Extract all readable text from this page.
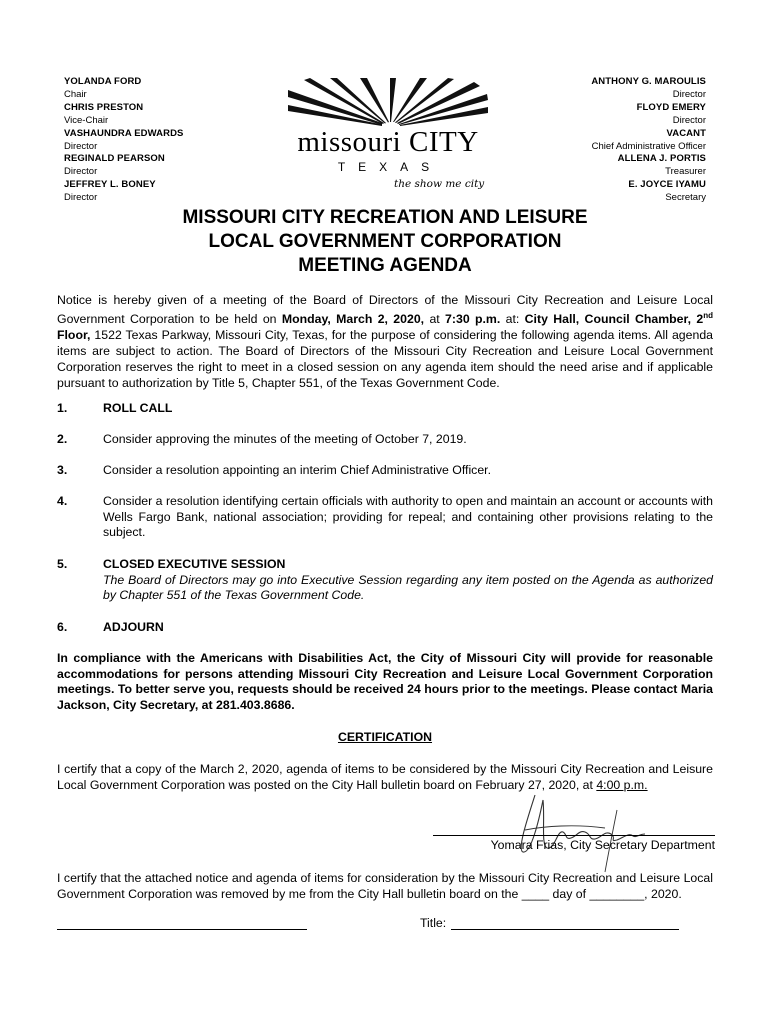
YOLANDA FORD
Chair
CHRIS PRESTON
Vice-Chair
VASHAUNDRA EDWARDS
Director
REGINALD PEARSON
Director
JEFFREY L. BONEY
Director
missouri CITY
TEXAS
the show me city
ANTHONY G. MAROULIS
Director
FLOYD EMERY
Director
VACANT
Chief Administrative Officer
ALLENA J. PORTIS
Treasurer
E. JOYCE IYAMU
Secretary
MISSOURI CITY RECREATION AND LEISURE
LOCAL GOVERNMENT CORPORATION
MEETING AGENDA
Notice is hereby given of a meeting of the Board of Directors of the Missouri City Recreation and Leisure Local Government Corporation to be held on Monday, March 2, 2020, at 7:30 p.m. at: City Hall, Council Chamber, 2nd Floor, 1522 Texas Parkway, Missouri City, Texas, for the purpose of considering the following agenda items. All agenda items are subject to action. The Board of Directors of the Missouri City Recreation and Leisure Local Government Corporation reserves the right to meet in a closed session on any agenda item should the need arise and if applicable pursuant to authorization by Title 5, Chapter 551, of the Texas Government Code.
1.	ROLL CALL
2.	Consider approving the minutes of the meeting of October 7, 2019.
3.	Consider a resolution appointing an interim Chief Administrative Officer.
4.	Consider a resolution identifying certain officials with authority to open and maintain an account or accounts with Wells Fargo Bank, national association; providing for repeal; and containing other provisions relating to the subject.
5.	CLOSED EXECUTIVE SESSION
The Board of Directors may go into Executive Session regarding any item posted on the Agenda as authorized by Chapter 551 of the Texas Government Code.
6.	ADJOURN
In compliance with the Americans with Disabilities Act, the City of Missouri City will provide for reasonable accommodations for persons attending Missouri City Recreation and Leisure Local Government Corporation meetings. To better serve you, requests should be received 24 hours prior to the meetings. Please contact Maria Jackson, City Secretary, at 281.403.8686.
CERTIFICATION
I certify that a copy of the March 2, 2020, agenda of items to be considered by the Missouri City Recreation and Leisure Local Government Corporation was posted on the City Hall bulletin board on February 27, 2020, at 4:00 p.m.
Yomara Frias, City Secretary Department
I certify that the attached notice and agenda of items for consideration by the Missouri City Recreation and Leisure Local Government Corporation was removed by me from the City Hall bulletin board on the ____ day of ________, 2020.
Title:
